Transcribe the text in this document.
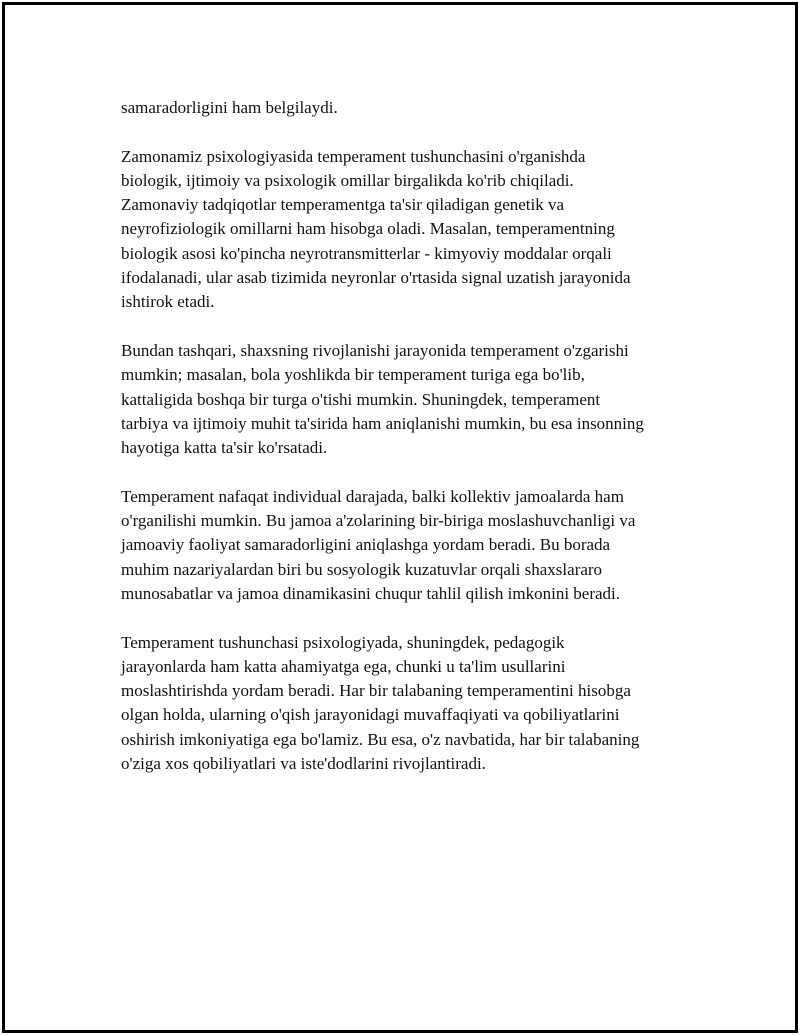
samaradorligini ham belgilaydi.

Zamonamiz psixologiyasida temperament tushunchasini o'rganishda
biologik, ijtimoiy va psixologik omillar birgalikda ko'rib chiqiladi.
Zamonaviy tadqiqotlar temperamentga ta'sir qiladigan genetik va
neyrofiziologik omillarni ham hisobga oladi. Masalan, temperamentning
biologik asosi ko'pincha neyrotransmitterlar - kimyoviy moddalar orqali
ifodalanadi, ular asab tizimida neyronlar o'rtasida signal uzatish jarayonida
ishtirok etadi.

Bundan tashqari, shaxsning rivojlanishi jarayonida temperament o'zgarishi
mumkin; masalan, bola yoshlikda bir temperament turiga ega bo'lib,
kattaligida boshqa bir turga o'tishi mumkin. Shuningdek, temperament
tarbiya va ijtimoiy muhit ta'sirida ham aniqlanishi mumkin, bu esa insonning
hayotiga katta ta'sir ko'rsatadi.

Temperament nafaqat individual darajada, balki kollektiv jamoalarda ham
o'rganilishi mumkin. Bu jamoa a'zolarining bir-biriga moslashuvchanligi va
jamoaviy faoliyat samaradorligini aniqlashga yordam beradi. Bu borada
muhim nazariyalardan biri bu sosyologik kuzatuvlar orqali shaxslararo
munosabatlar va jamoa dinamikasini chuqur tahlil qilish imkonini beradi.

Temperament tushunchasi psixologiyada, shuningdek, pedagogik
jarayonlarda ham katta ahamiyatga ega, chunki u ta'lim usullarini
moslashtirishda yordam beradi. Har bir talabaning temperamentini hisobga
olgan holda, ularning o'qish jarayonidagi muvaffaqiyati va qobiliyatlarini
oshirish imkoniyatiga ega bo'lamiz. Bu esa, o'z navbatida, har bir talabaning
o'ziga xos qobiliyatlari va iste'dodlarini rivojlantiradi.
